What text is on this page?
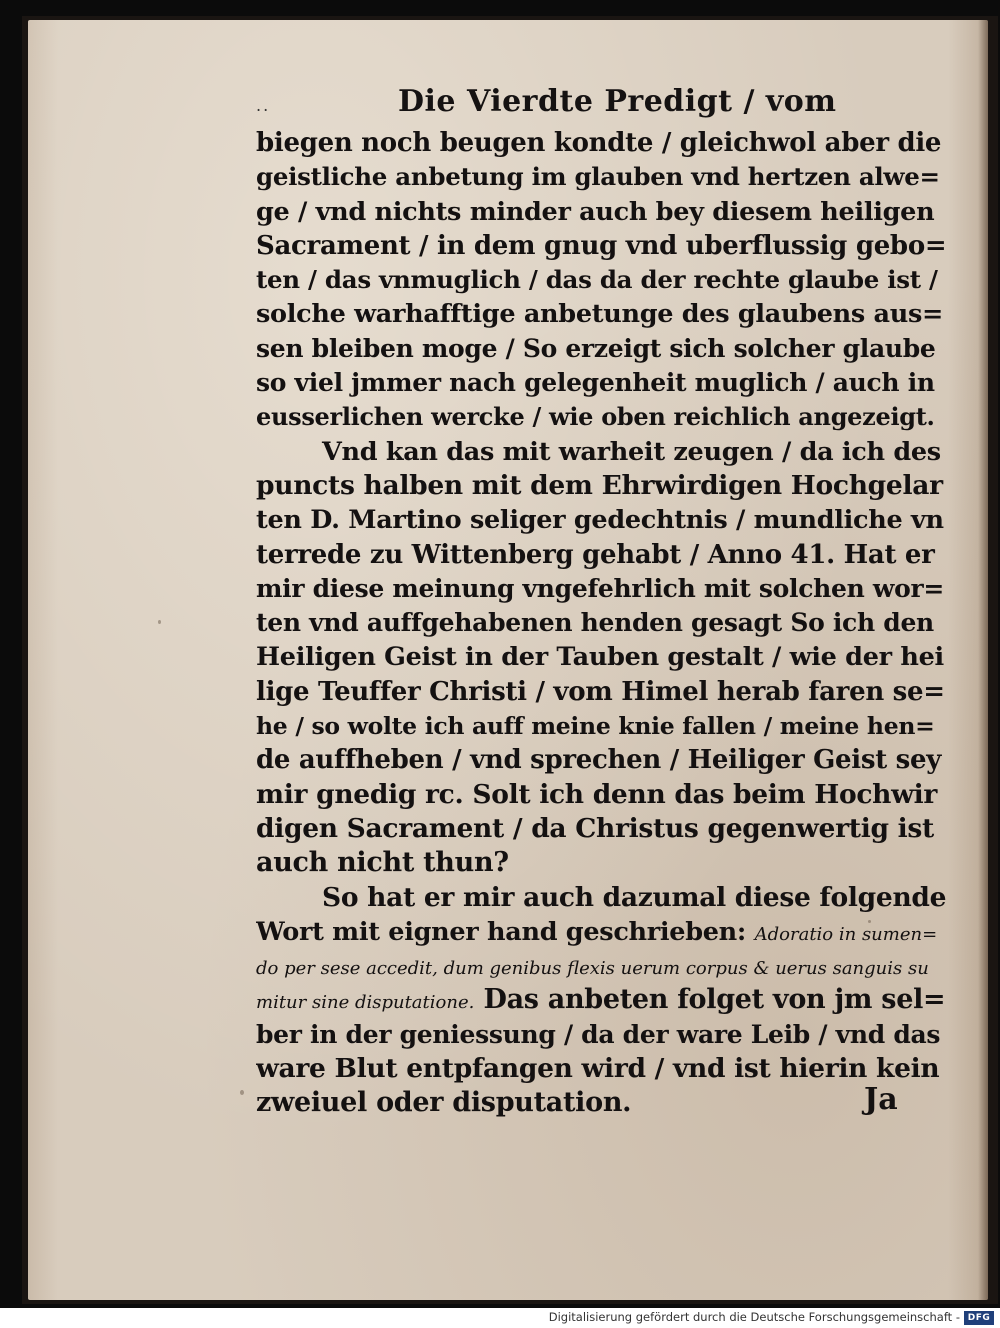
..	Die Vierdte Predigt / vom
biegen noch beugen kondte / gleichwol aber die
geistliche anbetung im glauben vnd hertzen alwe=
ge / vnd nichts minder auch bey diesem heiligen
Sacrament / in dem gnug vnd uberflussig gebo=
ten / das vnmuglich / das da der rechte glaube ist /
solche warhafftige anbetunge des glaubens aus=
sen bleiben moge / So erzeigt sich solcher glaube
so viel jmmer nach gelegenheit muglich / auch in
eusserlichen wercke / wie oben reichlich angezeigt.
Vnd kan das mit warheit zeugen / da ich des
puncts halben mit dem Ehrwirdigen Hochgelar
ten D. Martino seliger gedechtnis / mundliche vn
terrede zu Wittenberg gehabt / Anno 41. Hat er
mir diese meinung vngefehrlich mit solchen wor=
ten vnd auffgehabenen henden gesagt So ich den
Heiligen Geist in der Tauben gestalt / wie der hei
lige Teuffer Christi / vom Himel herab faren se=
he / so wolte ich auff meine knie fallen / meine hen=
de auffheben / vnd sprechen / Heiliger Geist sey
mir gnedig rc. Solt ich denn das beim Hochwir
digen Sacrament / da Christus gegenwertig ist
auch nicht thun?
So hat er mir auch dazumal diese folgende
Wort mit eigner hand geschrieben: Adoratio in sumen=
do per sese accedit, dum genibus flexis uerum corpus & uerus sanguis su
mitur sine disputatione. Das anbeten folget von jm sel=
ber in der geniessung / da der ware Leib / vnd das
ware Blut entpfangen wird / vnd ist hierin kein
zweiuel oder disputation.	Ja
Digitalisierung gefördert durch die Deutsche Forschungsgemeinschaft - DFG
